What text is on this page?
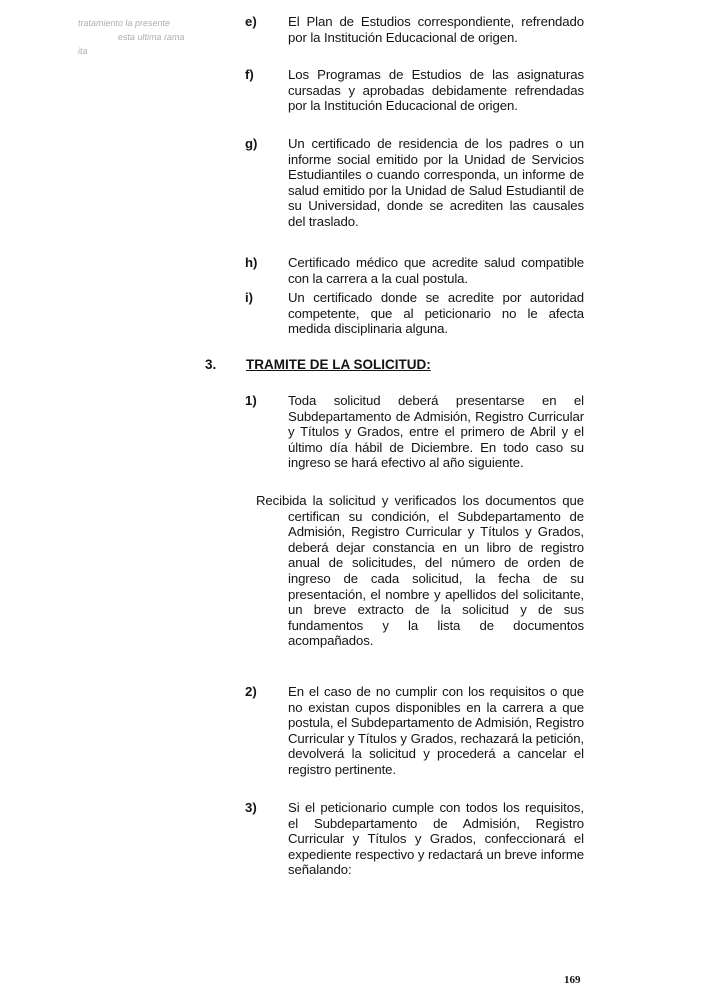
tratamiento la presente
esta ultima rama
ita
e) El Plan de Estudios correspondiente, refrendado por la Institución Educacional de origen.
f)	Los Programas de Estudios de las asignaturas cursadas y aprobadas debidamente refrendadas por la Institución Educacional de origen.
g) Un certificado de residencia de los padres o un informe social emitido por la Unidad de Servicios Estudiantiles o cuando corresponda, un informe de salud emitido por la Unidad de Salud Estudiantil de su Universidad, donde se acrediten las causales del traslado.
h) Certificado médico que acredite salud compatible con la carrera a la cual postula.
i)	Un certificado donde se acredite por autoridad competente, que al peticionario no le afecta medida disciplinaria alguna.
3. TRAMITE DE LA SOLICITUD:
1) Toda solicitud deberá presentarse en el Subdepartamento de Admisión, Registro Curricular y Títulos y Grados, entre el primero de Abril y el último día hábil de Diciembre. En todo caso su ingreso se hará efectivo al año siguiente.
Recibida la solicitud y verificados los documentos que certifican su condición, el Subdepartamento de Admisión, Registro Curricular y Títulos y Grados, deberá dejar constancia en un libro de registro anual de solicitudes, del número de orden de ingreso de cada solicitud, la fecha de su presentación, el nombre y apellidos del solicitante, un breve extracto de la solicitud y de sus fundamentos y la lista de documentos acompañados.
2) En el caso de no cumplir con los requisitos o que no existan cupos disponibles en la carrera a que postula, el Subdepartamento de Admisión, Registro Curricular y Títulos y Grados, rechazará la petición, devolverá la solicitud y procederá a cancelar el registro pertinente.
3) Si el peticionario cumple con todos los requisitos, el Subdepartamento de Admisión, Registro Curricular y Títulos y Grados, confeccionará el expediente respectivo y redactará un breve informe señalando:
169
